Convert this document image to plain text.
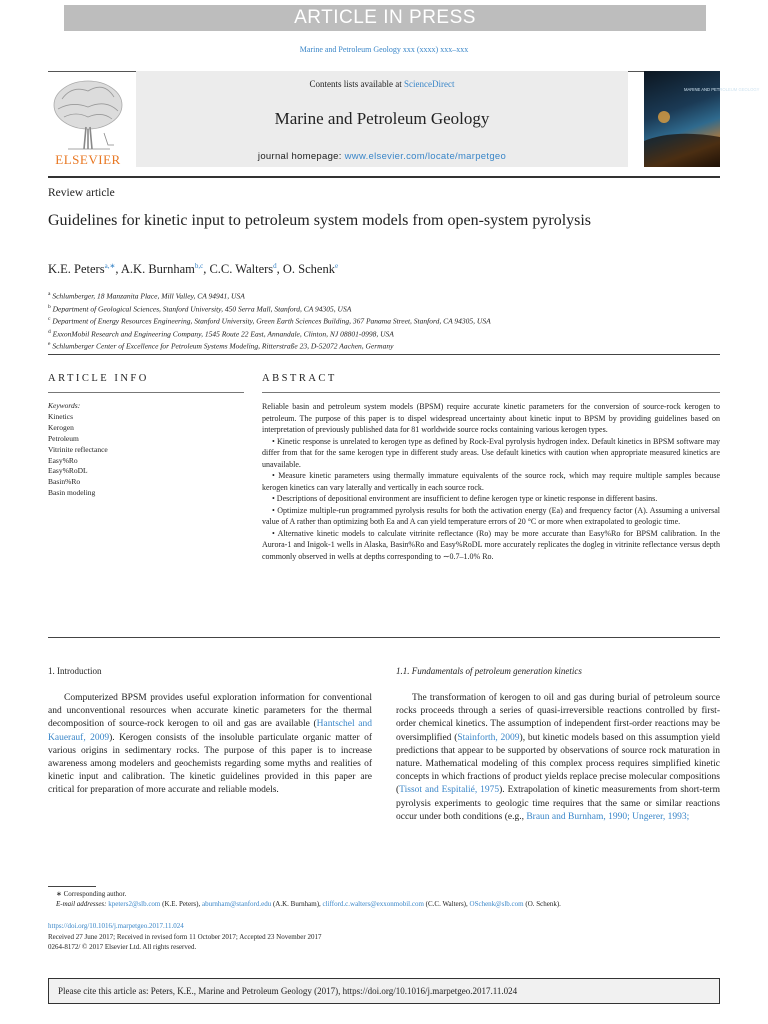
ARTICLE IN PRESS
Marine and Petroleum Geology xxx (xxxx) xxx–xxx
ELSEVIER
Contents lists available at ScienceDirect
Marine and Petroleum Geology
journal homepage: www.elsevier.com/locate/marpetgeo
MARINE AND PETROLEUM GEOLOGY
Review article
Guidelines for kinetic input to petroleum system models from open-system pyrolysis
K.E. Peters$^{a,∗}$, A.K. Burnham$^{b,c}$, C.C. Walters$^d$, O. Schenk$^e$
$^a$ Schlumberger, 18 Manzanita Place, Mill Valley, CA 94941, USA
$^b$ Department of Geological Sciences, Stanford University, 450 Serra Mall, Stanford, CA 94305, USA
$^c$ Department of Energy Resources Engineering, Stanford University, Green Earth Sciences Building, 367 Panama Street, Stanford, CA 94305, USA
$^d$ ExxonMobil Research and Engineering Company, 1545 Route 22 East, Annandale, Clinton, NJ 08801-0998, USA
$^e$ Schlumberger Center of Excellence for Petroleum Systems Modeling, Ritterstraße 23, D-52072 Aachen, Germany
ARTICLE INFO	ABSTRACT
Keywords:
Kinetics
Kerogen
Petroleum
Vitrinite reflectance
Easy%Ro
Easy%RoDL
Basin%Ro
Basin modeling

Reliable basin and petroleum system models (BPSM) require accurate kinetic parameters for the conversion of source-rock kerogen to petroleum. The purpose of this paper is to dispel widespread uncertainty about kinetic input to BPSM by providing guidelines based on interpretation of previously published data for 81 worldwide source rocks containing various kerogen types.

• Kinetic response is unrelated to kerogen type as defined by Rock-Eval pyrolysis hydrogen index. Default kinetics in BPSM software may differ from that for the same kerogen type in different study areas. Use default kinetics with caution when appropriate measured kinetics are unavailable.

• Measure kinetic parameters using thermally immature equivalents of the source rock, which may require multiple samples because kerogen kinetics can vary laterally and vertically in each source rock.

• Descriptions of depositional environment are insufficient to define kerogen type or kinetic response in different basins.

• Optimize multiple-run programmed pyrolysis results for both the activation energy (Ea) and frequency factor (A). Assuming a universal value of A rather than optimizing both Ea and A can yield temperature errors of 20 °C or more when extrapolated to geologic time.

• Alternative kinetic models to calculate vitrinite reflectance (Ro) may be more accurate than Easy%Ro for BPSM calibration. In the Aurora-1 and Inigok-1 wells in Alaska, Basin%Ro and Easy%RoDL more accurately replicates the dogleg in vitrinite reflectance versus depth commonly observed in wells at depths corresponding to ∼0.7–1.0% Ro.

1. Introduction	1.1. Fundamentals of petroleum generation kinetics

Computerized BPSM provides useful exploration information for conventional and unconventional resources when accurate kinetic parameters for the thermal decomposition of source-rock kerogen to oil and gas are available (Hantschel and Kauerauf, 2009). Kerogen consists of the insoluble particulate organic matter of various origins in sedimentary rocks. The purpose of this paper is to increase awareness among modelers and geochemists regarding some myths and realities of kinetic input and calibration. The kinetic guidelines provided in this paper are critical for preparation of more accurate and reliable models.

The transformation of kerogen to oil and gas during burial of petroleum source rocks proceeds through a series of quasi-irreversible reactions controlled by first-order chemical kinetics. The assumption of independent first-order reactions may be oversimplified (Stainforth, 2009), but kinetic models based on this assumption yield predictions that appear to be supported by observations of source rock maturation in nature. Mathematical modeling of this complex process requires simplified kinetic concepts in which fractions of product yields replace precise molecular compositions (Tissot and Espitalié, 1975). Extrapolation of kinetic measurements from short-term pyrolysis experiments to geologic time requires that the same or similar reactions occur under both conditions (e.g., Braun and Burnham, 1990; Ungerer, 1993;

∗ Corresponding author.
E-mail addresses: kpeters2@slb.com (K.E. Peters), aburnham@stanford.edu (A.K. Burnham), clifford.c.walters@exxonmobil.com (C.C. Walters), OSchenk@slb.com (O. Schenk).
https://doi.org/10.1016/j.marpetgeo.2017.11.024
Received 27 June 2017; Received in revised form 11 October 2017; Accepted 23 November 2017
0264-8172/ © 2017 Elsevier Ltd. All rights reserved.
Please cite this article as: Peters, K.E., Marine and Petroleum Geology (2017), https://doi.org/10.1016/j.marpetgeo.2017.11.024
